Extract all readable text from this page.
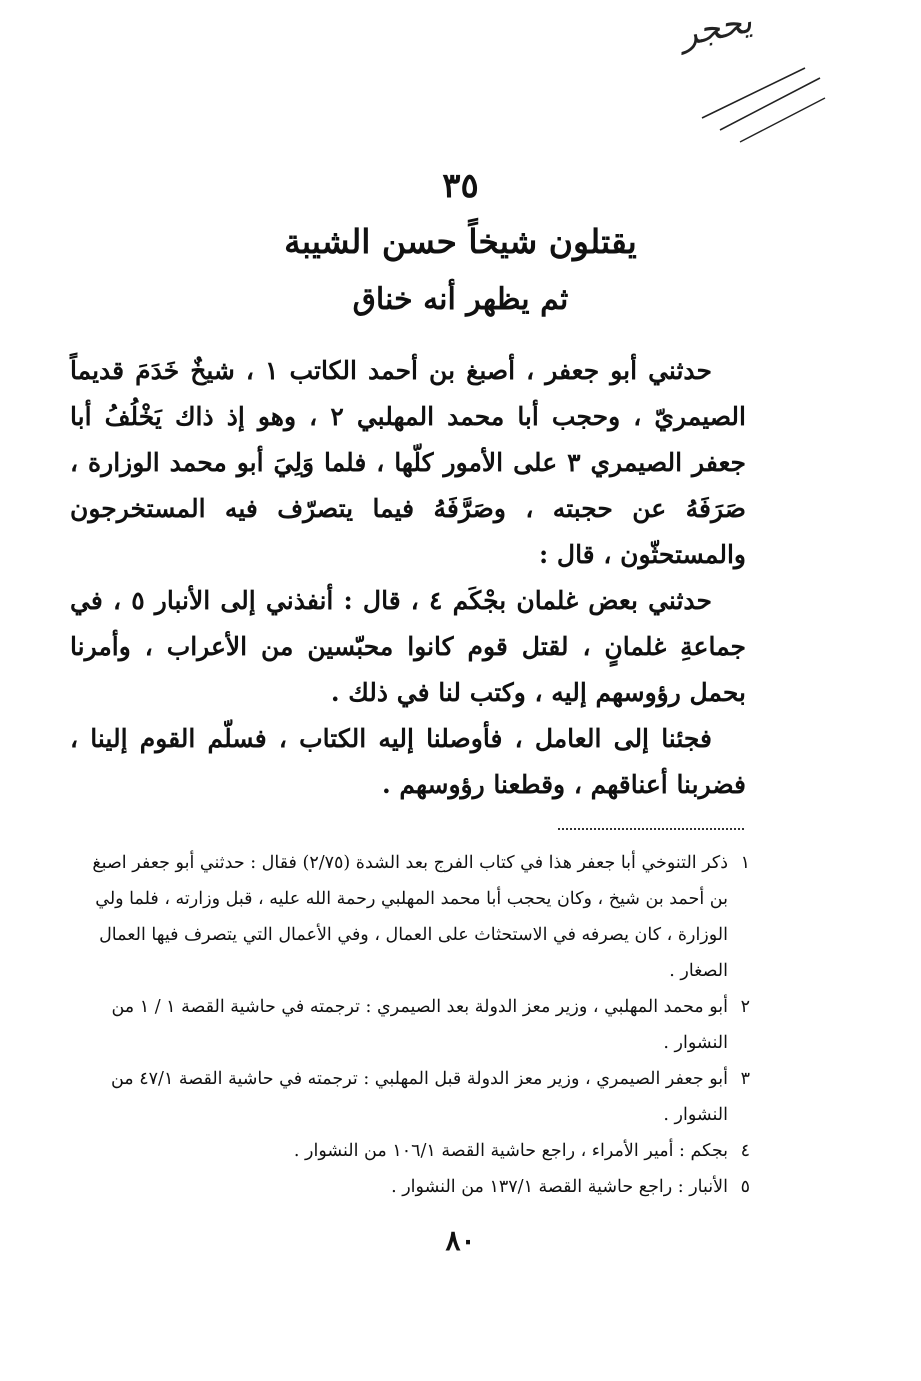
يحجر
٣٥
يقتلون شيخاً حسن الشيبة
ثم يظهر أنه خناق

حدثني أبو جعفر ، أصبغ بن أحمد الكاتب ١ ، شيخٌ خَدَمَ قديماً الصيمريّ ، وحجب أبا محمد المهلبي ٢ ، وهو إذ ذاك يَخْلُفُ أبا جعفر الصيمري ٣ على الأمور كلّها ، فلما وَلِيَ أبو محمد الوزارة ، صَرَفَهُ عن حجبته ، وصَرَّفَهُ فيما يتصرّف فيه المستخرجون والمستحثّون ، قال :

حدثني بعض غلمان بجْكَم ٤ ، قال : أنفذني إلى الأنبار ٥ ، في جماعةِ غلمانٍ ، لقتل قوم كانوا محبّسين من الأعراب ، وأمرنا بحمل رؤوسهم إليه ، وكتب لنا في ذلك .

فجئنا إلى العامل ، فأوصلنا إليه الكتاب ، فسلّم القوم إلينا ، فضربنا أعناقهم ، وقطعنا رؤوسهم .

١
ذكر التنوخي أبا جعفر هذا في كتاب الفرج بعد الشدة (٢/٧٥) فقال : حدثني أبو جعفر اصبغ بن أحمد بن شيخ ، وكان يحجب أبا محمد المهلبي رحمة الله عليه ، قبل وزارته ، فلما ولي الوزارة ، كان يصرفه في الاستحثاث على العمال ، وفي الأعمال التي يتصرف فيها العمال الصغار .
٢
أبو محمد المهلبي ، وزير معز الدولة بعد الصيمري : ترجمته في حاشية القصة ١ / ١ من النشوار .
٣
أبو جعفر الصيمري ، وزير معز الدولة قبل المهلبي : ترجمته في حاشية القصة ٤٧/١ من النشوار .
٤
بجكم : أمير الأمراء ، راجع حاشية القصة ١٠٦/١ من النشوار .
٥
الأنبار : راجع حاشية القصة ١٣٧/١ من النشوار .
٨٠
